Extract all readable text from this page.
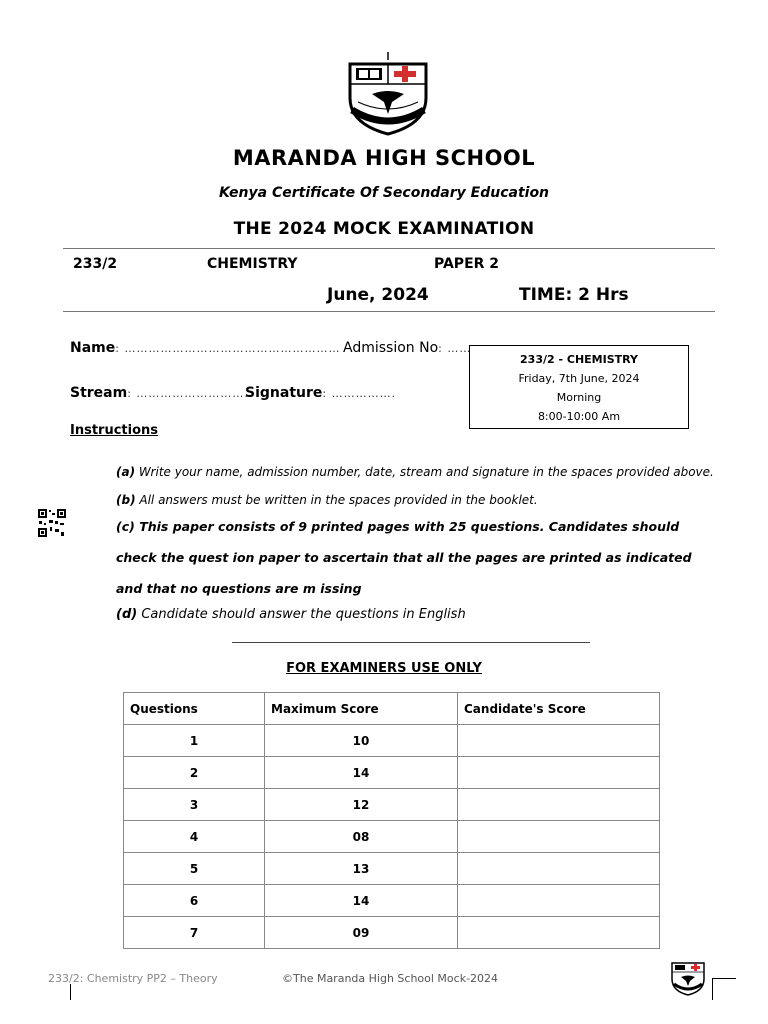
MARANDA HIGH SCHOOL
Kenya Certificate Of Secondary Education
THE 2024 MOCK EXAMINATION
233/2	CHEMISTRY	PAPER 2
June, 2024	TIME: 2 Hrs
Name: ……………………………………………… Admission No: ……
Stream: ……………………….
Signature: …………….
233/2 - CHEMISTRY
Friday, 7th June, 2024
Morning
8:00-10:00 Am
Instructions
(a) Write your name, admission number, date, stream and signature in the spaces provided above.
(b) All answers must be written in the spaces provided in the booklet.
(c) This paper consists of 9 printed pages with 25 questions. Candidates should check the quest ion paper to ascertain that all the pages are printed as indicated and that no questions are m issing
(d) Candidate should answer the questions in English
FOR EXAMINERS USE ONLY
Questions	Maximum Score	Candidate's Score
1	10	
2	14	
3	12	
4	08	
5	13	
6	14	
7	09	
233/2: Chemistry PP2 – Theory	©The Maranda High School Mock-2024
